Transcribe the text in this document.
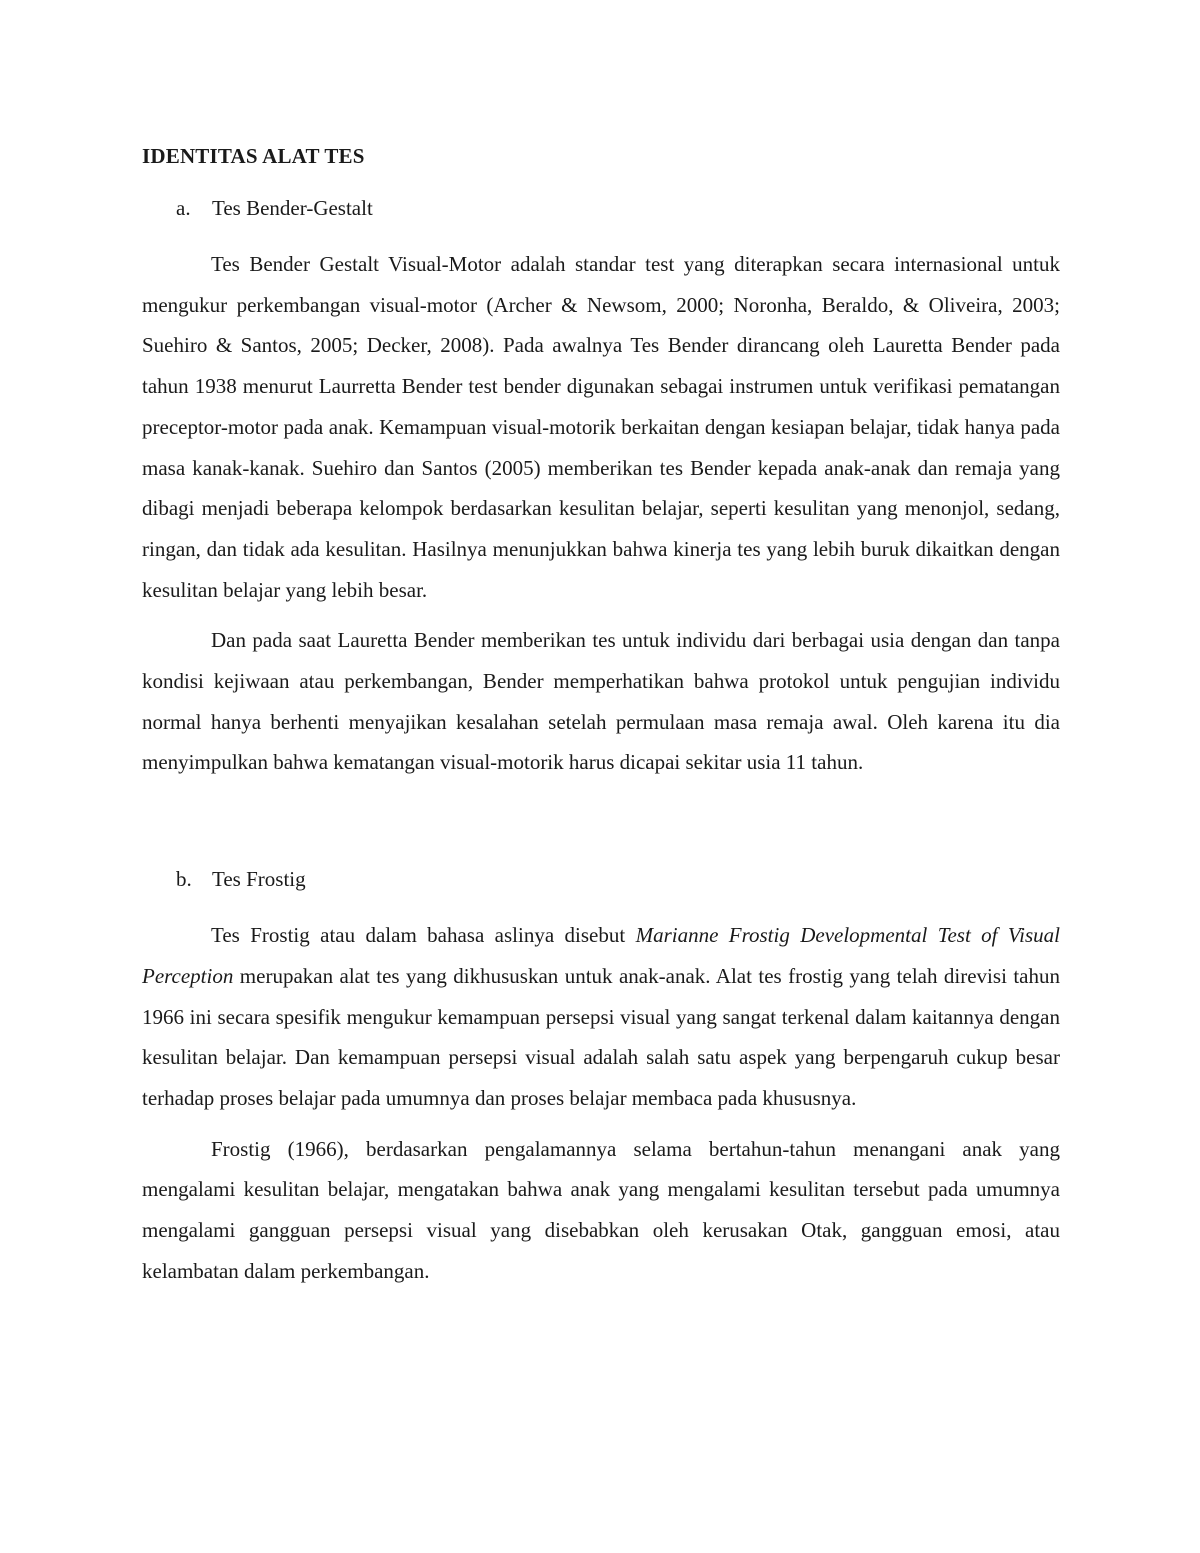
IDENTITAS ALAT TES
a.	Tes Bender-Gestalt

Tes Bender Gestalt Visual-Motor adalah standar test yang diterapkan secara internasional untuk mengukur perkembangan visual-motor (Archer & Newsom, 2000; Noronha, Beraldo, & Oliveira, 2003; Suehiro & Santos, 2005; Decker, 2008). Pada awalnya Tes Bender dirancang oleh Lauretta Bender pada tahun 1938 menurut Laurretta Bender test bender digunakan sebagai instrumen untuk verifikasi pematangan preceptor-motor pada anak. Kemampuan visual-motorik berkaitan dengan kesiapan belajar, tidak hanya pada masa kanak-kanak. Suehiro dan Santos (2005) memberikan tes Bender kepada anak-anak dan remaja yang dibagi menjadi beberapa kelompok berdasarkan kesulitan belajar, seperti kesulitan yang menonjol, sedang, ringan, dan tidak ada kesulitan. Hasilnya menunjukkan bahwa kinerja tes yang lebih buruk dikaitkan dengan kesulitan belajar yang lebih besar.

Dan pada saat Lauretta Bender memberikan tes untuk individu dari berbagai usia dengan dan tanpa kondisi kejiwaan atau perkembangan, Bender memperhatikan bahwa protokol untuk pengujian individu normal hanya berhenti menyajikan kesalahan setelah permulaan masa remaja awal. Oleh karena itu dia menyimpulkan bahwa kematangan visual-motorik harus dicapai sekitar usia 11 tahun.

b. Tes Frostig

Tes Frostig atau dalam bahasa aslinya disebut Marianne Frostig Developmental Test of Visual Perception merupakan alat tes yang dikhususkan untuk anak-anak. Alat tes frostig yang telah direvisi tahun 1966 ini secara spesifik mengukur kemampuan persepsi visual yang sangat terkenal dalam kaitannya dengan kesulitan belajar. Dan kemampuan persepsi visual adalah salah satu aspek yang berpengaruh cukup besar terhadap proses belajar pada umumnya dan proses belajar membaca pada khususnya.

Frostig (1966), berdasarkan pengalamannya selama bertahun-tahun menangani anak yang mengalami kesulitan belajar, mengatakan bahwa anak yang mengalami kesulitan tersebut pada umumnya mengalami gangguan persepsi visual yang disebabkan oleh kerusakan Otak, gangguan emosi, atau kelambatan dalam perkembangan.
